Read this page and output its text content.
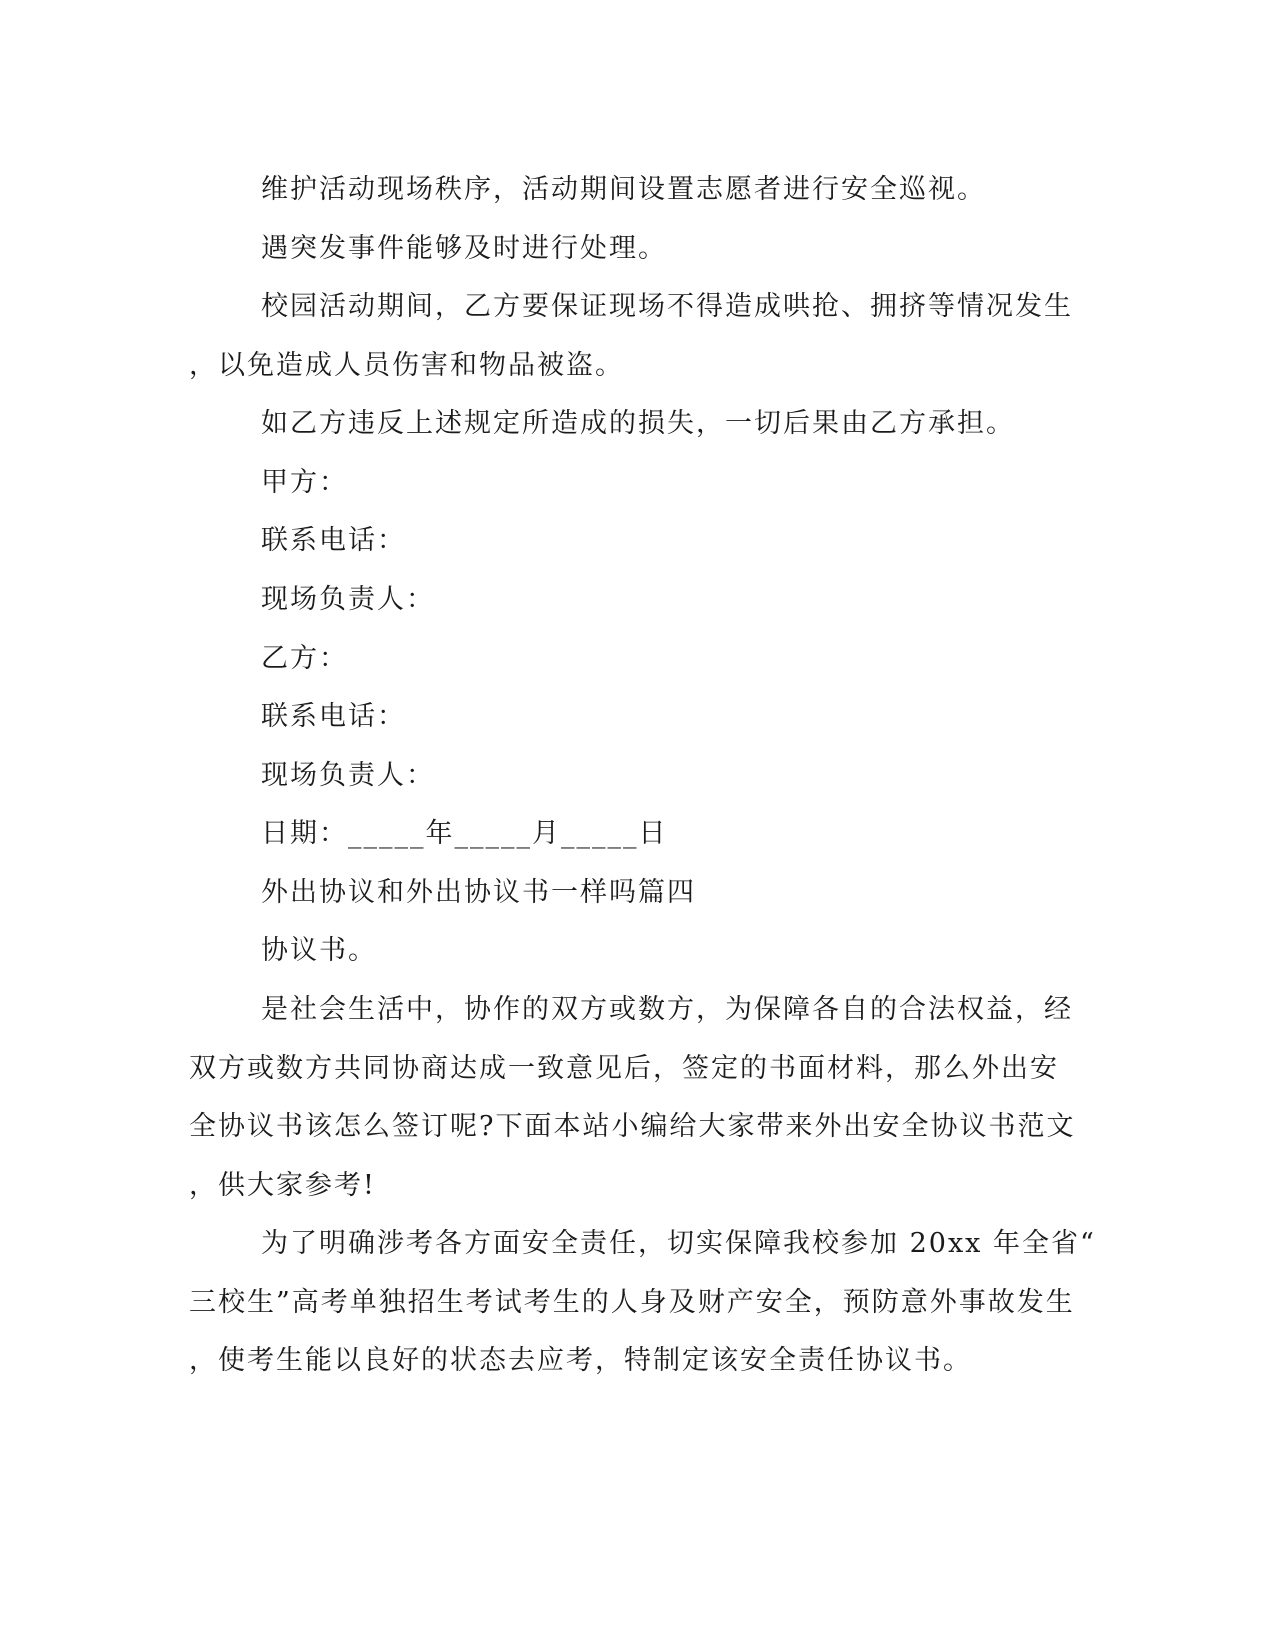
维护活动现场秩序，活动期间设置志愿者进行安全巡视。
遇突发事件能够及时进行处理。
校园活动期间，乙方要保证现场不得造成哄抢、拥挤等情况发生
，以免造成人员伤害和物品被盗。
如乙方违反上述规定所造成的损失，一切后果由乙方承担。
甲方：
联系电话：
现场负责人：
乙方：
联系电话：
现场负责人：
日期：_____年_____月_____日
外出协议和外出协议书一样吗篇四
协议书。
是社会生活中，协作的双方或数方，为保障各自的合法权益，经
双方或数方共同协商达成一致意见后，签定的书面材料，那么外出安
全协议书该怎么签订呢?下面本站小编给大家带来外出安全协议书范文
，供大家参考!
为了明确涉考各方面安全责任，切实保障我校参加 20xx 年全省“
三校生”高考单独招生考试考生的人身及财产安全，预防意外事故发生
，使考生能以良好的状态去应考，特制定该安全责任协议书。
